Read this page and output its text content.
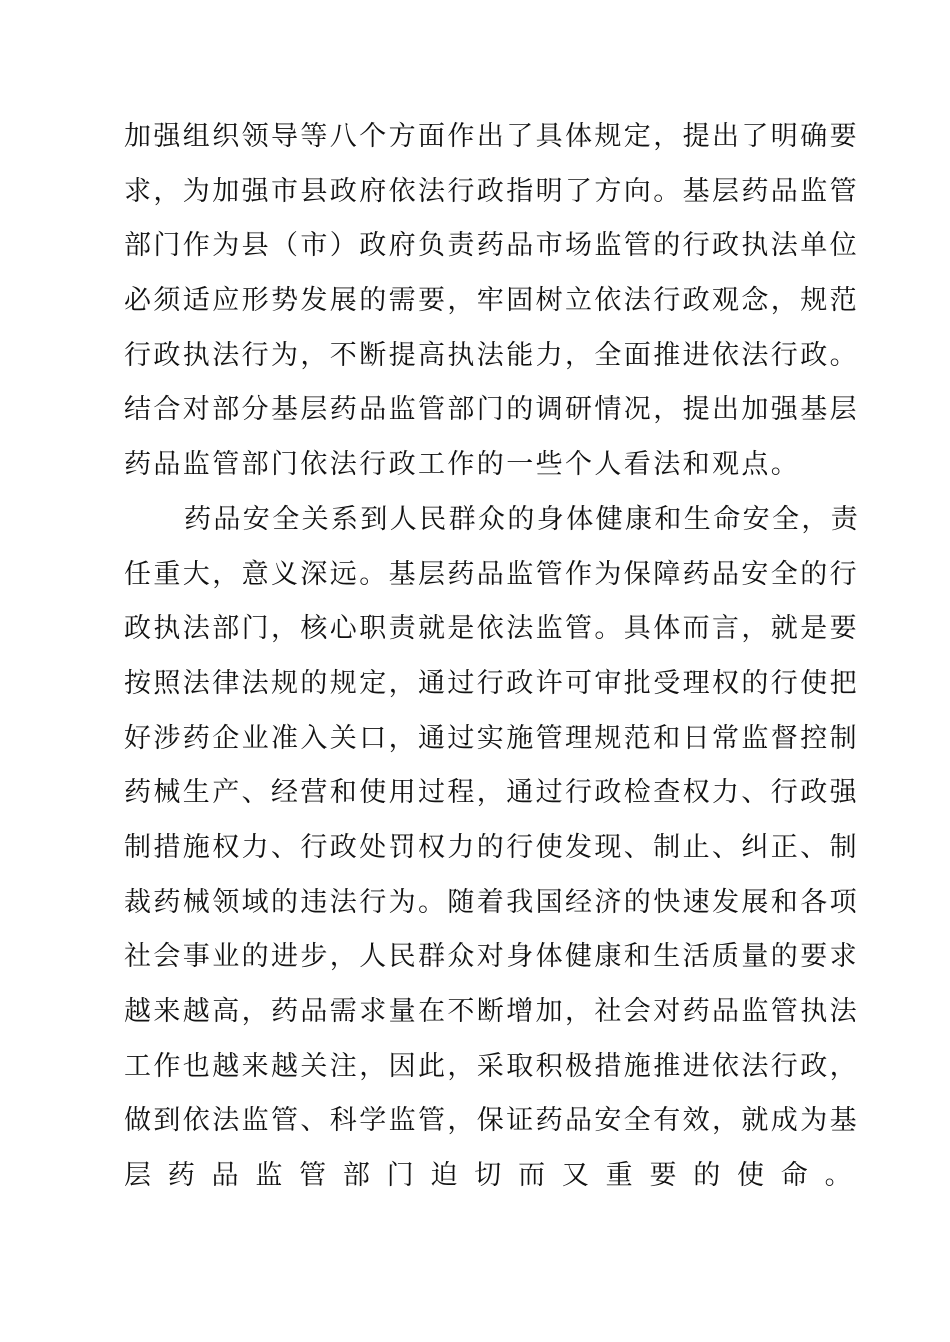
加强组织领导等八个方面作出了具体规定，提出了明确要
求，为加强市县政府依法行政指明了方向。基层药品监管
部门作为县（市）政府负责药品市场监管的行政执法单位
必须适应形势发展的需要，牢固树立依法行政观念，规范
行政执法行为，不断提高执法能力，全面推进依法行政。
结合对部分基层药品监管部门的调研情况，提出加强基层
药品监管部门依法行政工作的一些个人看法和观点。
药品安全关系到人民群众的身体健康和生命安全，责
任重大，意义深远。基层药品监管作为保障药品安全的行
政执法部门，核心职责就是依法监管。具体而言，就是要
按照法律法规的规定，通过行政许可审批受理权的行使把
好涉药企业准入关口，通过实施管理规范和日常监督控制
药械生产、经营和使用过程，通过行政检查权力、行政强
制措施权力、行政处罚权力的行使发现、制止、纠正、制
裁药械领域的违法行为。随着我国经济的快速发展和各项
社会事业的进步，人民群众对身体健康和生活质量的要求
越来越高，药品需求量在不断增加，社会对药品监管执法
工作也越来越关注，因此，采取积极措施推进依法行政，
做到依法监管、科学监管，保证药品安全有效，就成为基
层药品监管部门迫切而又重要的使命。
